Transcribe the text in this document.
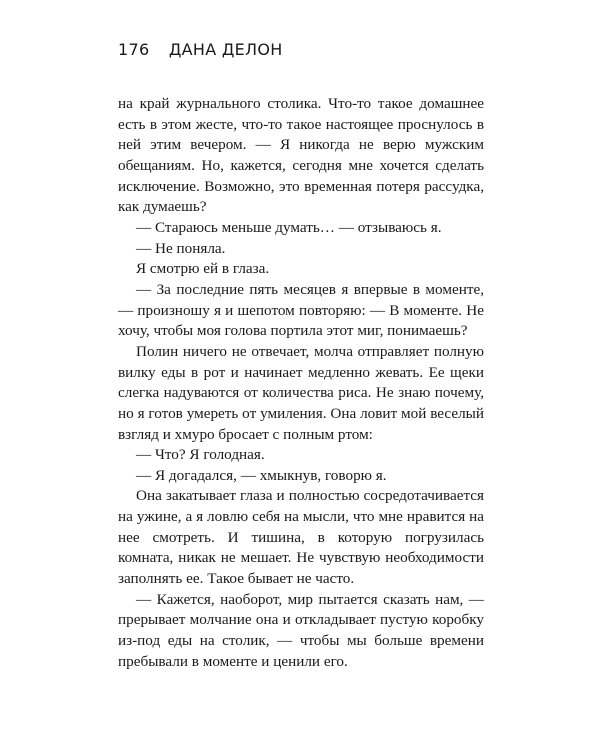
176 ДАНА ДЕЛОН

на край журнального столика. Что-то такое домашнее есть в этом жесте, что-то такое настоящее проснулось в ней этим вечером. — Я никогда не верю мужским обещаниям. Но, кажется, сегодня мне хочется сделать исключение. Возможно, это временная потеря рассудка, как думаешь?

— Стараюсь меньше думать… — отзываюсь я.

— Не поняла.

Я смотрю ей в глаза.

— За последние пять месяцев я впервые в моменте, — произношу я и шепотом повторяю: — В моменте. Не хочу, чтобы моя голова портила этот миг, понимаешь?

Полин ничего не отвечает, молча отправляет полную вилку еды в рот и начинает медленно жевать. Ее щеки слегка надуваются от количества риса. Не знаю почему, но я готов умереть от умиления. Она ловит мой веселый взгляд и хмуро бросает с полным ртом:

— Что? Я голодная.

— Я догадался, — хмыкнув, говорю я.

Она закатывает глаза и полностью сосредотачивается на ужине, а я ловлю себя на мысли, что мне нравится на нее смотреть. И тишина, в которую погрузилась комната, никак не мешает. Не чувствую необходимости заполнять ее. Такое бывает не часто.

— Кажется, наоборот, мир пытается сказать нам, — прерывает молчание она и откладывает пустую коробку из-под еды на столик, — чтобы мы больше времени пребывали в моменте и ценили его.
